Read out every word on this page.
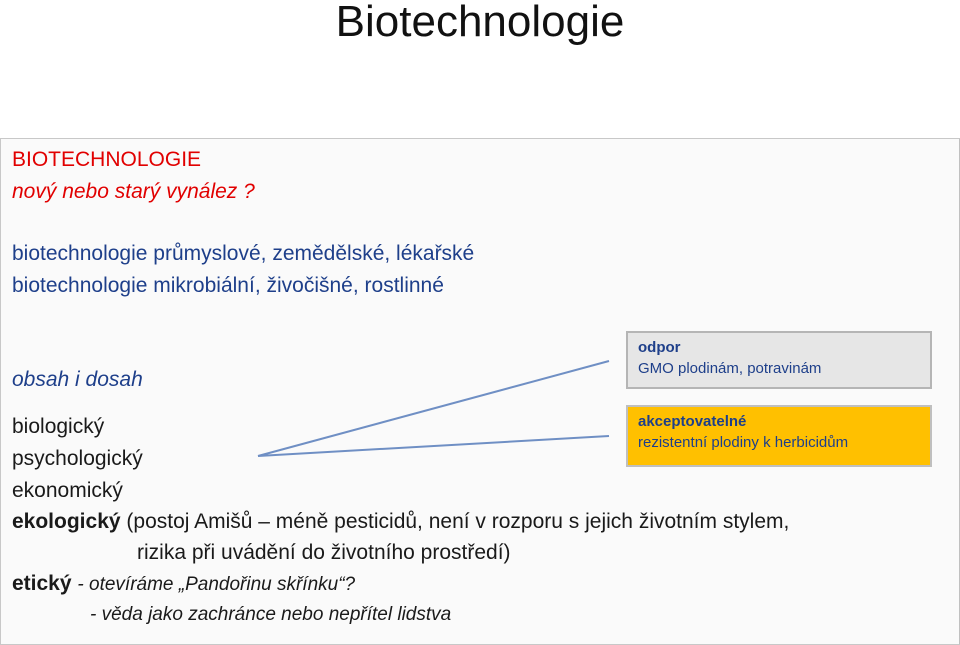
Biotechnologie
BIOTECHNOLOGIE
nový nebo starý vynález ?
biotechnologie průmyslové, zemědělské, lékařské
biotechnologie mikrobiální, živočišné, rostlinné
obsah i dosah
biologický
psychologický
ekonomický
ekologický (postoj Amišů – méně pesticidů, není v rozporu s jejich životním stylem,
rizika při uvádění do životního prostředí)
etický - otevíráme „Pandořinu skřínku“?
- věda jako zachránce nebo nepřítel lidstva
odpor
GMO plodinám, potravinám
akceptovatelné
rezistentní plodiny k herbicidům
